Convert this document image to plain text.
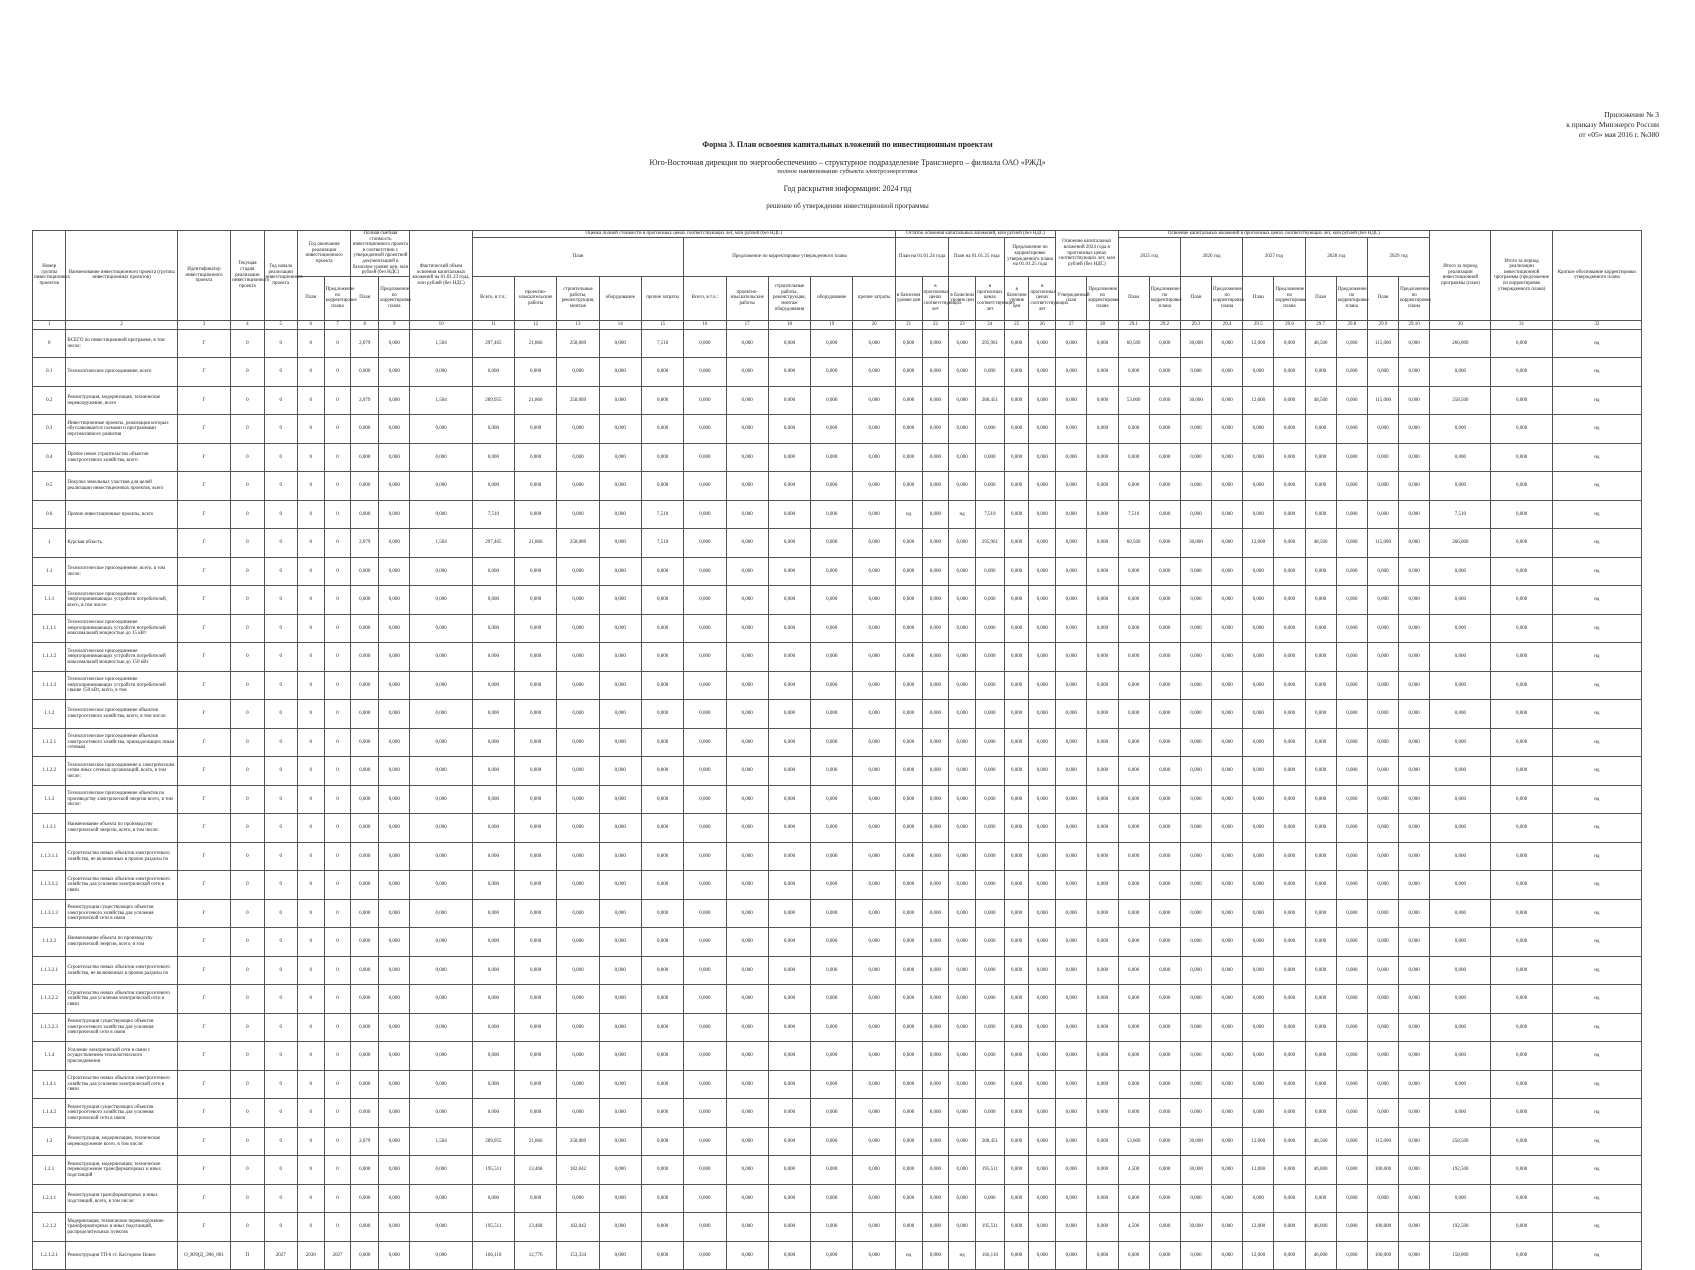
Приложение № 3
к приказу Минэнерго России
от «05» мая 2016 г. №380
Форма 3. План освоения капитальных вложений по инвестиционным проектам
Юго-Восточная дирекция по энергообеспечению – структурное подразделение Трансэнерго – филиала ОАО «РЖД»
полное наименование субъекта электроэнергетики
Год раскрытия информации: 2024 год
решение об утверждении инвестиционной программы
Номер группы инвестиционных проектов	Наименование инвестиционного проекта (группы инвестиционных проектов)	Идентификатор инвестиционного проекта	Текущая стадия реализации инвестиционного проекта	Год начала реализации инвестиционного проекта	Год окончания реализации инвестиционного проекта		Полная сметная стоимость инвестиционного проекта в соответствии с утвержденной проектной документацией в базисном уровне цен, млн рублей (без НДС)		Фактический объем освоения капитальных вложений на 01.01.23 года, млн рублей (без НДС)	Оценка полной стоимости в прогнозных ценах соответствующих лет, млн рублей (без НДС)										Остаток освоения капитальных вложений, млн рублей (без НДС)						Освоение капитальных вложений 2024 года в прогнозных ценах соответствующих лет, млн рублей (без НДС)		Освоение капитальных вложений в прогнозных ценах соответствующих лет, млн рублей (без НДС)										Итого за период реализации инвестиционной программы (план)	Итого за период реализации инвестиционной программы (предложение по корректировке утвержденного плана)	Краткое обоснование корректировки утвержденного плана
										План					Предложение по корректировке утвержденного плана					План на 01.01.24 года		План на 01.01.25 года		Предложение по корректировке утвержденного плана на 01.01.25 года				2025 год		2026 год		2027 год		2028 год		2029 год				

					План	Предложение по корректировке плана	План	Предложение по корректировке плана		Всего, в т.ч.:	проектно-изыскательские работы	строительные работы, реконструкция, монтаж	оборудование	прочие затраты	Всего, в т.ч.:	проектно-изыскательские работы	строительные работы, реконструкция, монтаж оборудования	оборудование	прочие затраты	в базисном уровне цен	в прогнозных ценах соответствующих лет	в базисном уровне цен	в прогнозных ценах соответствующих лет	в базисном уровне цен	в прогнозных ценах соответствующих лет	Утвержденный план	Предложение по корректировке плана	План	Предложение по корректировке плана	План	Предложение по корректировке плана	План	Предложение по корректировке плана	План	Предложение по корректировке плана	План	Предложение по корректировке плана			
1	2	3	4	5	6	7	8	9	10	11	12	13	14	15	16	17	18	19	20	21	22	23	24	25	26	27	28	29.1	29.2	29.3	29.4	29.5	29.6	29.7	29.8	29.9	29.10	30	31	32
0	ВСЕГО по инвестиционной программе, в том числе:	Г	0	0	0	0	2,079	0,000	1,504	297,465	21,866	258,089	0,000	7,510	0,000	0,000	0,000	0,000	0,000	0,000	0,000	0,000	295,961	0,000	0,000	0,000	0,000	60,500	0,000	30,000	0,000	12,000	0,000	48,500	0,000	115,000	0,000	266,000	0,000	нд
0.1	Технологическое присоединение, всего	Г	0	0	0	0	0,000	0,000	0,000	0,000	0,000	0,000	0,000	0,000	0,000	0,000	0,000	0,000	0,000	0,000	0,000	0,000	0,000	0,000	0,000	0,000	0,000	0,000	0,000	0,000	0,000	0,000	0,000	0,000	0,000	0,000	0,000	0,000	0,000	нд
0.2	Реконструкция, модернизация, техническое перевооружение, всего	Г	0	0	0	0	2,079	0,000	1,504	289,955	21,866	258,089	0,000	0,000	0,000	0,000	0,000	0,000	0,000	0,000	0,000	0,000	288,451	0,000	0,000	0,000	0,000	53,000	0,000	30,000	0,000	12,000	0,000	48,500	0,000	115,000	0,000	258,500	0,000	нд
0.3	Инвестиционные проекты, реализация которых обуславливается схемами и программами перспективного развития	Г	0	0	0	0	0,000	0,000	0,000	0,000	0,000	0,000	0,000	0,000	0,000	0,000	0,000	0,000	0,000	0,000	0,000	0,000	0,000	0,000	0,000	0,000	0,000	0,000	0,000	0,000	0,000	0,000	0,000	0,000	0,000	0,000	0,000	0,000	0,000	нд
0.4	Прочее новое строительство объектов электросетевого хозяйства, всего	Г	0	0	0	0	0,000	0,000	0,000	0,000	0,000	0,000	0,000	0,000	0,000	0,000	0,000	0,000	0,000	0,000	0,000	0,000	0,000	0,000	0,000	0,000	0,000	0,000	0,000	0,000	0,000	0,000	0,000	0,000	0,000	0,000	0,000	0,000	0,000	нд
0.5	Покупка земельных участков для целей реализации инвестиционных проектов, всего	Г	0	0	0	0	0,000	0,000	0,000	0,000	0,000	0,000	0,000	0,000	0,000	0,000	0,000	0,000	0,000	0,000	0,000	0,000	0,000	0,000	0,000	0,000	0,000	0,000	0,000	0,000	0,000	0,000	0,000	0,000	0,000	0,000	0,000	0,000	0,000	нд
0.6	Прочие инвестиционные проекты, всего	Г	0	0	0	0	0,000	0,000	0,000	7,510	0,000	0,000	0,000	7,510	0,000	0,000	0,000	0,000	0,000	нд	0,000	нд	7,510	0,000	0,000	0,000	0,000	7,510	0,000	0,000	0,000	0,000	0,000	0,000	0,000	0,000	0,000	7,510	0,000	нд
1	Курская область	Г	0	0	0	0	2,079	0,000	1,504	297,465	21,866	258,089	0,000	7,510	0,000	0,000	0,000	0,000	0,000	0,000	0,000	0,000	295,961	0,000	0,000	0,000	0,000	60,500	0,000	30,000	0,000	12,000	0,000	48,500	0,000	115,000	0,000	266,000	0,000	нд
1.1	Технологическое присоединение, всего, в том числе:	Г	0	0	0	0	0,000	0,000	0,000	0,000	0,000	0,000	0,000	0,000	0,000	0,000	0,000	0,000	0,000	0,000	0,000	0,000	0,000	0,000	0,000	0,000	0,000	0,000	0,000	0,000	0,000	0,000	0,000	0,000	0,000	0,000	0,000	0,000	0,000	нд
1.1.1	Технологическое присоединение энергопринимающих устройств потребителей, всего, в том числе:	Г	0	0	0	0	0,000	0,000	0,000	0,000	0,000	0,000	0,000	0,000	0,000	0,000	0,000	0,000	0,000	0,000	0,000	0,000	0,000	0,000	0,000	0,000	0,000	0,000	0,000	0,000	0,000	0,000	0,000	0,000	0,000	0,000	0,000	0,000	0,000	нд
1.1.1.1	Технологическое присоединение энергопринимающих устройств потребителей максимальной мощностью до 15 кВт	Г	0	0	0	0	0,000	0,000	0,000	0,000	0,000	0,000	0,000	0,000	0,000	0,000	0,000	0,000	0,000	0,000	0,000	0,000	0,000	0,000	0,000	0,000	0,000	0,000	0,000	0,000	0,000	0,000	0,000	0,000	0,000	0,000	0,000	0,000	0,000	нд
1.1.1.2	Технологическое присоединение энергопринимающих устройств потребителей максимальной мощностью до 150 кВт	Г	0	0	0	0	0,000	0,000	0,000	0,000	0,000	0,000	0,000	0,000	0,000	0,000	0,000	0,000	0,000	0,000	0,000	0,000	0,000	0,000	0,000	0,000	0,000	0,000	0,000	0,000	0,000	0,000	0,000	0,000	0,000	0,000	0,000	0,000	0,000	нд
1.1.1.3	Технологическое присоединение энергопринимающих устройств потребителей свыше 150 кВт, всего, в том	Г	0	0	0	0	0,000	0,000	0,000	0,000	0,000	0,000	0,000	0,000	0,000	0,000	0,000	0,000	0,000	0,000	0,000	0,000	0,000	0,000	0,000	0,000	0,000	0,000	0,000	0,000	0,000	0,000	0,000	0,000	0,000	0,000	0,000	0,000	0,000	нд
1.1.2	Технологическое присоединение объектов электросетевого хозяйства, всего, в том числе:	Г	0	0	0	0	0,000	0,000	0,000	0,000	0,000	0,000	0,000	0,000	0,000	0,000	0,000	0,000	0,000	0,000	0,000	0,000	0,000	0,000	0,000	0,000	0,000	0,000	0,000	0,000	0,000	0,000	0,000	0,000	0,000	0,000	0,000	0,000	0,000	нд
1.1.2.1	Технологическое присоединение объектов электросетевого хозяйства, принадлежащих иным сетевым	Г	0	0	0	0	0,000	0,000	0,000	0,000	0,000	0,000	0,000	0,000	0,000	0,000	0,000	0,000	0,000	0,000	0,000	0,000	0,000	0,000	0,000	0,000	0,000	0,000	0,000	0,000	0,000	0,000	0,000	0,000	0,000	0,000	0,000	0,000	0,000	нд
1.1.2.2	Технологическое присоединение к электрическим сетям иных сетевых организаций, всего, в том числе:	Г	0	0	0	0	0,000	0,000	0,000	0,000	0,000	0,000	0,000	0,000	0,000	0,000	0,000	0,000	0,000	0,000	0,000	0,000	0,000	0,000	0,000	0,000	0,000	0,000	0,000	0,000	0,000	0,000	0,000	0,000	0,000	0,000	0,000	0,000	0,000	нд
1.1.3	Технологическое присоединение объектов по производству электрической энергии всего, в том числе:	Г	0	0	0	0	0,000	0,000	0,000	0,000	0,000	0,000	0,000	0,000	0,000	0,000	0,000	0,000	0,000	0,000	0,000	0,000	0,000	0,000	0,000	0,000	0,000	0,000	0,000	0,000	0,000	0,000	0,000	0,000	0,000	0,000	0,000	0,000	0,000	нд
1.1.3.1	Наименование объекта по производству электрической энергии, всего, в том числе:	Г	0	0	0	0	0,000	0,000	0,000	0,000	0,000	0,000	0,000	0,000	0,000	0,000	0,000	0,000	0,000	0,000	0,000	0,000	0,000	0,000	0,000	0,000	0,000	0,000	0,000	0,000	0,000	0,000	0,000	0,000	0,000	0,000	0,000	0,000	0,000	нд
1.1.3.1.1	Строительство новых объектов электросетевого хозяйства, не включенных в прочие разделы по	Г	0	0	0	0	0,000	0,000	0,000	0,000	0,000	0,000	0,000	0,000	0,000	0,000	0,000	0,000	0,000	0,000	0,000	0,000	0,000	0,000	0,000	0,000	0,000	0,000	0,000	0,000	0,000	0,000	0,000	0,000	0,000	0,000	0,000	0,000	0,000	нд
1.1.3.1.2	Строительство новых объектов электросетевого хозяйства для усиления электрической сети в связи	Г	0	0	0	0	0,000	0,000	0,000	0,000	0,000	0,000	0,000	0,000	0,000	0,000	0,000	0,000	0,000	0,000	0,000	0,000	0,000	0,000	0,000	0,000	0,000	0,000	0,000	0,000	0,000	0,000	0,000	0,000	0,000	0,000	0,000	0,000	0,000	нд
1.1.3.1.3	Реконструкция существующих объектов электросетевого хозяйства для усиления электрической сети в связи	Г	0	0	0	0	0,000	0,000	0,000	0,000	0,000	0,000	0,000	0,000	0,000	0,000	0,000	0,000	0,000	0,000	0,000	0,000	0,000	0,000	0,000	0,000	0,000	0,000	0,000	0,000	0,000	0,000	0,000	0,000	0,000	0,000	0,000	0,000	0,000	нд
1.1.3.2	Наименование объекта по производству электрической энергии, всего, в том	Г	0	0	0	0	0,000	0,000	0,000	0,000	0,000	0,000	0,000	0,000	0,000	0,000	0,000	0,000	0,000	0,000	0,000	0,000	0,000	0,000	0,000	0,000	0,000	0,000	0,000	0,000	0,000	0,000	0,000	0,000	0,000	0,000	0,000	0,000	0,000	нд
1.1.3.2.1	Строительство новых объектов электросетевого хозяйства, не включенных в прочие разделы по	Г	0	0	0	0	0,000	0,000	0,000	0,000	0,000	0,000	0,000	0,000	0,000	0,000	0,000	0,000	0,000	0,000	0,000	0,000	0,000	0,000	0,000	0,000	0,000	0,000	0,000	0,000	0,000	0,000	0,000	0,000	0,000	0,000	0,000	0,000	0,000	нд
1.1.3.2.2	Строительство новых объектов электросетевого хозяйства для усиления электрической сети в связи	Г	0	0	0	0	0,000	0,000	0,000	0,000	0,000	0,000	0,000	0,000	0,000	0,000	0,000	0,000	0,000	0,000	0,000	0,000	0,000	0,000	0,000	0,000	0,000	0,000	0,000	0,000	0,000	0,000	0,000	0,000	0,000	0,000	0,000	0,000	0,000	нд
1.1.3.2.3	Реконструкция существующих объектов электросетевого хозяйства для усиления электрической сети в связи	Г	0	0	0	0	0,000	0,000	0,000	0,000	0,000	0,000	0,000	0,000	0,000	0,000	0,000	0,000	0,000	0,000	0,000	0,000	0,000	0,000	0,000	0,000	0,000	0,000	0,000	0,000	0,000	0,000	0,000	0,000	0,000	0,000	0,000	0,000	0,000	нд
1.1.4	Усиление электрической сети в связи с осуществлением технологического присоединения	Г	0	0	0	0	0,000	0,000	0,000	0,000	0,000	0,000	0,000	0,000	0,000	0,000	0,000	0,000	0,000	0,000	0,000	0,000	0,000	0,000	0,000	0,000	0,000	0,000	0,000	0,000	0,000	0,000	0,000	0,000	0,000	0,000	0,000	0,000	0,000	нд
1.1.4.1	Строительство новых объектов электросетевого хозяйства для усиления электрической сети в связи	Г	0	0	0	0	0,000	0,000	0,000	0,000	0,000	0,000	0,000	0,000	0,000	0,000	0,000	0,000	0,000	0,000	0,000	0,000	0,000	0,000	0,000	0,000	0,000	0,000	0,000	0,000	0,000	0,000	0,000	0,000	0,000	0,000	0,000	0,000	0,000	нд
1.1.4.2	Реконструкция существующих объектов электросетевого хозяйства для усиления электрической сети в связи	Г	0	0	0	0	0,000	0,000	0,000	0,000	0,000	0,000	0,000	0,000	0,000	0,000	0,000	0,000	0,000	0,000	0,000	0,000	0,000	0,000	0,000	0,000	0,000	0,000	0,000	0,000	0,000	0,000	0,000	0,000	0,000	0,000	0,000	0,000	0,000	нд
1.2	Реконструкция, модернизация, техническое перевооружение всего, в том числе:	Г	0	0	0	0	2,079	0,000	1,504	289,955	21,866	258,089	0,000	0,000	0,000	0,000	0,000	0,000	0,000	0,000	0,000	0,000	288,451	0,000	0,000	0,000	0,000	53,000	0,000	30,000	0,000	12,000	0,000	48,500	0,000	115,000	0,000	258,500	0,000	нд
1.2.1	Реконструкция, модернизация, техническое перевооружение трансформаторных и иных подстанций	Г	0	0	0	0	0,000	0,000	0,000	195,511	13,468	182,042	0,000	0,000	0,000	0,000	0,000	0,000	0,000	0,000	0,000	0,000	195,511	0,000	0,000	0,000	0,000	4,500	0,000	30,000	0,000	12,000	0,000	46,000	0,000	100,000	0,000	192,500	0,000	нд
1.2.1.1	Реконструкция трансформаторных и иных подстанций, всего, в том числе:	Г	0	0	0	0	0,000	0,000	0,000	0,000	0,000	0,000	0,000	0,000	0,000	0,000	0,000	0,000	0,000	0,000	0,000	0,000	0,000	0,000	0,000	0,000	0,000	0,000	0,000	0,000	0,000	0,000	0,000	0,000	0,000	0,000	0,000	0,000	0,000	нд
1.2.1.2	Модернизация, техническое перевооружение трансформаторных и иных подстанций, распределительных пунктов	Г	0	0	0	0	0,000	0,000	0,000	195,511	13,468	182,042	0,000	0,000	0,000	0,000	0,000	0,000	0,000	0,000	0,000	0,000	195,511	0,000	0,000	0,000	0,000	4,500	0,000	30,000	0,000	12,000	0,000	46,000	0,000	100,000	0,000	192,500	0,000	нд
1.2.1.2.1	Реконструкция ТП-6 ст. Касторное Новое	O_Ю9(Д_Э06_001	П	2027	2030	2027	0,000	0,000	0,000	166,110	12,776	153,334	0,000	0,000	0,000	0,000	0,000	0,000	0,000	нд	0,000	нд	166,110	0,000	0,000	0,000	0,000	0,000	0,000	0,000	0,000	12,000	0,000	46,000	0,000	100,000	0,000	158,000	0,000	нд
